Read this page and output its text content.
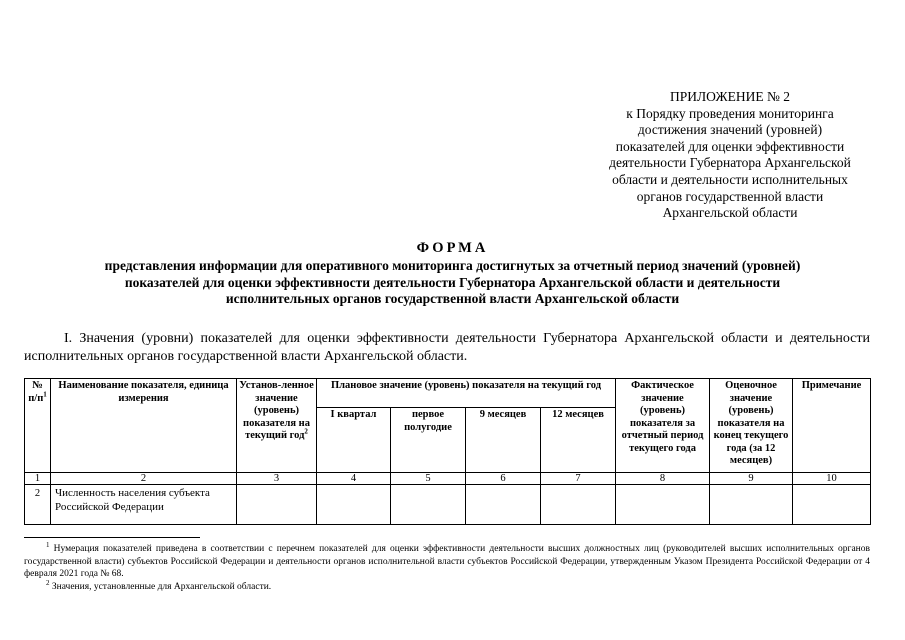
ПРИЛОЖЕНИЕ № 2
к Порядку проведения мониторинга
достижения значений (уровней)
показателей для оценки эффективности
деятельности Губернатора Архангельской
области и деятельности исполнительных
органов государственной власти
Архангельской области
ФОРМА
представления информации для оперативного мониторинга достигнутых за отчетный период значений (уровней)
показателей для оценки эффективности деятельности Губернатора Архангельской области и деятельности
исполнительных органов государственной власти Архангельской области
I. Значения (уровни) показателей для оценки эффективности деятельности Губернатора Архангельской области и деятельности
исполнительных органов государственной власти Архангельской области.
№ $п/п^1$	Наименование показателя, единица измерения	Установ-ленное значение (уровень) показателя на текущий год$^2$	Плановое значение (уровень) показателя на текущий год				Фактическое значение (уровень) показателя за отчетный период текущего года	Оценочное значение (уровень) показателя на конец текущего года (за 12 месяцев)	Примечание
			I квартал	первое полугодие	9 месяцев	12 месяцев			
1	2	3	4	5	6	7	8	9	10
2	Численность населения субъекта Российской Федерации								
$^1$ Нумерация показателей приведена в соответствии с перечнем показателей для оценки эффективности деятельности высших должностных лиц (руководителей высших исполнительных органов государственной власти) субъектов Российской Федерации и деятельности органов исполнительной власти субъектов Российской Федерации, утвержденным Указом Президента Российской Федерации от 4 февраля 2021 года № 68.
$^2$ Значения, установленные для Архангельской области.
